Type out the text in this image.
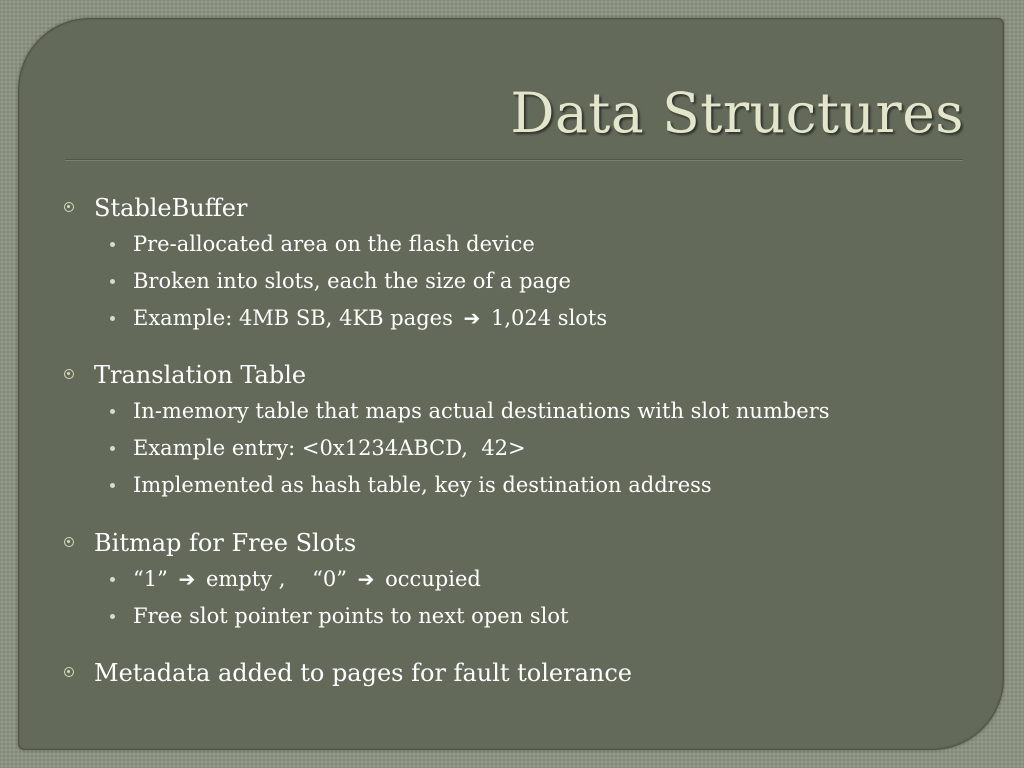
Data Structures

StableBuffer

Pre-allocated area on the flash device
Broken into slots, each the size of a page
Example: 4MB SB, 4KB pages ➔ 1,024 slots

Translation Table

In-memory table that maps actual destinations with slot numbers
Example entry: <0x1234ABCD,  42>
Implemented as hash table, key is destination address

Bitmap for Free Slots

“1” ➔ empty ,    “0” ➔ occupied
Free slot pointer points to next open slot

Metadata added to pages for fault tolerance
